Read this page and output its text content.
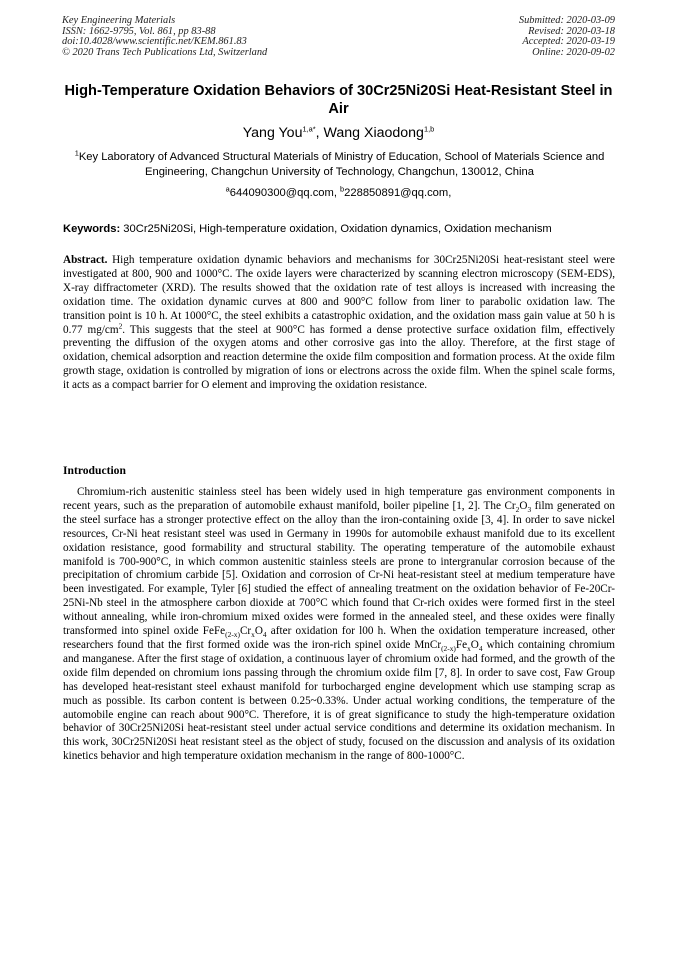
Key Engineering Materials
ISSN: 1662-9795, Vol. 861, pp 83-88
doi:10.4028/www.scientific.net/KEM.861.83
© 2020 Trans Tech Publications Ltd, Switzerland
Submitted: 2020-03-09
Revised: 2020-03-18
Accepted: 2020-03-19
Online: 2020-09-02
High-Temperature Oxidation Behaviors of 30Cr25Ni20Si Heat-Resistant Steel in Air
Yang You$^{1,a*}$, Wang Xiaodong$^{1,b}$
$^1$Key Laboratory of Advanced Structural Materials of Ministry of Education, School of Materials Science and Engineering, Changchun University of Technology, Changchun, 130012, China
$^a$644090300@qq.com, $^b$228850891@qq.com,
Keywords: 30Cr25Ni20Si, High-temperature oxidation, Oxidation dynamics, Oxidation mechanism
Abstract. High temperature oxidation dynamic behaviors and mechanisms for 30Cr25Ni20Si heat-resistant steel were investigated at 800, 900 and 1000°C. The oxide layers were characterized by scanning electron microscopy (SEM-EDS), X-ray diffractometer (XRD). The results showed that the oxidation rate of test alloys is increased with increasing the oxidation time. The oxidation dynamic curves at 800 and 900°C follow from liner to parabolic oxidation law. The transition point is 10 h. At 1000°C, the steel exhibits a catastrophic oxidation, and the oxidation mass gain value at 50 h is 0.77 $mg/cm^2$. This suggests that the steel at 900°C has formed a dense protective surface oxidation film, effectively preventing the diffusion of the oxygen atoms and other corrosive gas into the alloy. Therefore, at the first stage of oxidation, chemical adsorption and reaction determine the oxide film composition and formation process. At the oxide film growth stage, oxidation is controlled by migration of ions or electrons across the oxide film. When the spinel scale forms, it acts as a compact barrier for O element and improving the oxidation resistance.
Introduction
Chromium-rich austenitic stainless steel has been widely used in high temperature gas environment components in recent years, such as the preparation of automobile exhaust manifold, boiler pipeline [1, 2]. The $Cr_2O_3$ film generated on the steel surface has a stronger protective effect on the alloy than the iron-containing oxide [3, 4]. In order to save nickel resources, Cr-Ni heat resistant steel was used in Germany in 1990s for automobile exhaust manifold due to its excellent oxidation resistance, good formability and structural stability. The operating temperature of the automobile exhaust manifold is 700-900°C, in which common austenitic stainless steels are prone to intergranular corrosion because of the precipitation of chromium carbide [5]. Oxidation and corrosion of Cr-Ni heat-resistant steel at medium temperature have been investigated. For example, Tyler [6] studied the effect of annealing treatment on the oxidation behavior of Fe-20Cr-25Ni-Nb steel in the atmosphere carbon dioxide at 700°C which found that Cr-rich oxides were formed first in the steel without annealing, while iron-chromium mixed oxides were formed in the annealed steel, and these oxides were finally transformed into spinel oxide $FeFe_{(2-x)}Cr_xO_4$ after oxidation for l00 h. When the oxidation temperature increased, other researchers found that the first formed oxide was the iron-rich spinel oxide $MnCr_{(2-x)}Fe_xO_4$ which containing chromium and manganese. After the first stage of oxidation, a continuous layer of chromium oxide had formed, and the growth of the oxide film depended on chromium ions passing through the chromium oxide film [7, 8]. In order to save cost, Faw Group has developed heat-resistant steel exhaust manifold for turbocharged engine development which use stamping scrap as much as possible. Its carbon content is between 0.25~0.33%. Under actual working conditions, the temperature of the automobile engine can reach about 900°C. Therefore, it is of great significance to study the high-temperature oxidation behavior of 30Cr25Ni20Si heat-resistant steel under actual service conditions and determine its oxidation mechanism. In this work, 30Cr25Ni20Si heat resistant steel as the object of study, focused on the discussion and analysis of its oxidation kinetics behavior and high temperature oxidation mechanism in the range of 800-1000°C.
